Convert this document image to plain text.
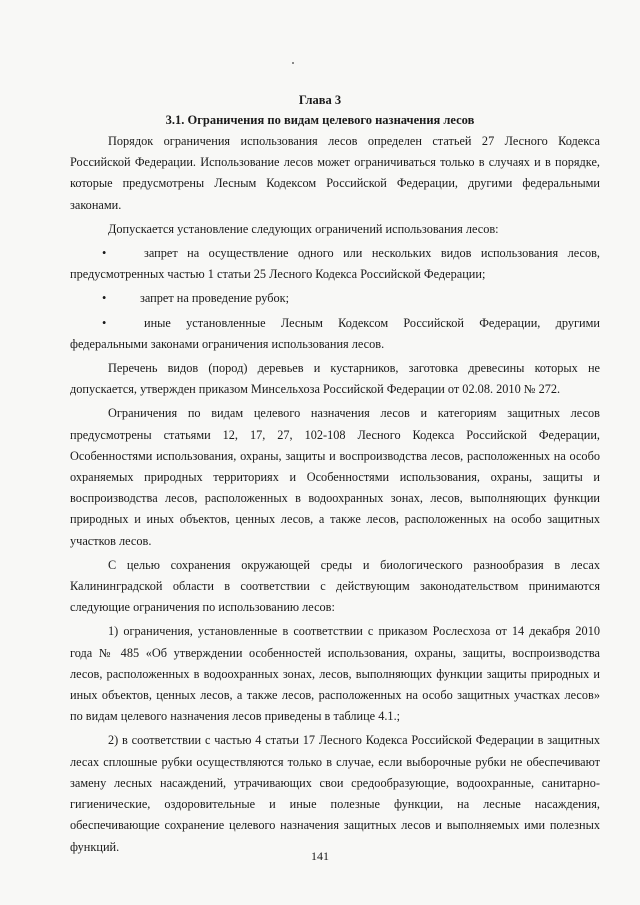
Глава 3
3.1. Ограничения по видам целевого назначения лесов

Порядок ограничения использования лесов определен статьей 27 Лесного Кодекса Российской Федерации. Использование лесов может ограничиваться только в случаях и в порядке, которые предусмотрены Лесным Кодексом Российской Федерации, другими федеральными законами.

Допускается установление следующих ограничений использования лесов:

•	запрет на осуществление одного или нескольких видов использования лесов, предусмотренных частью 1 статьи 25 Лесного Кодекса Российской Федерации;
•	запрет на проведение рубок;
•	иные установленные Лесным Кодексом Российской Федерации, другими федеральными законами ограничения использования лесов.

Перечень видов (пород) деревьев и кустарников, заготовка древесины которых не допускается, утвержден приказом Минсельхоза Российской Федерации от 02.08. 2010 № 272.

Ограничения по видам целевого назначения лесов и категориям защитных лесов предусмотрены статьями 12, 17, 27, 102-108 Лесного Кодекса Российской Федерации, Особенностями использования, охраны, защиты и воспроизводства лесов, расположенных на особо охраняемых природных территориях и Особенностями использования, охраны, защиты и воспроизводства лесов, расположенных в водоохранных зонах, лесов, выполняющих функции природных и иных объектов, ценных лесов, а также лесов, расположенных на особо защитных участков лесов.

С целью сохранения окружающей среды и биологического разнообразия в лесах Калининградской области в соответствии с действующим законодательством принимаются следующие ограничения по использованию лесов:

1) ограничения, установленные в соответствии с приказом Рослесхоза от 14 декабря 2010 года № 485 «Об утверждении особенностей использования, охраны, защиты, воспроизводства лесов, расположенных в водоохранных зонах, лесов, выполняющих функции защиты природных и иных объектов, ценных лесов, а также лесов, расположенных на особо защитных участках лесов» по видам целевого назначения лесов приведены в таблице 4.1.;

2) в соответствии с частью 4 статьи 17 Лесного Кодекса Российской Федерации в защитных лесах сплошные рубки осуществляются только в случае, если выборочные рубки не обеспечивают замену лесных насаждений, утрачивающих свои средообразующие, водоохранные, санитарно-гигиенические, оздоровительные и иные полезные функции, на лесные насаждения, обеспечивающие сохранение целевого назначения защитных лесов и выполняемых ими полезных функций.

141
